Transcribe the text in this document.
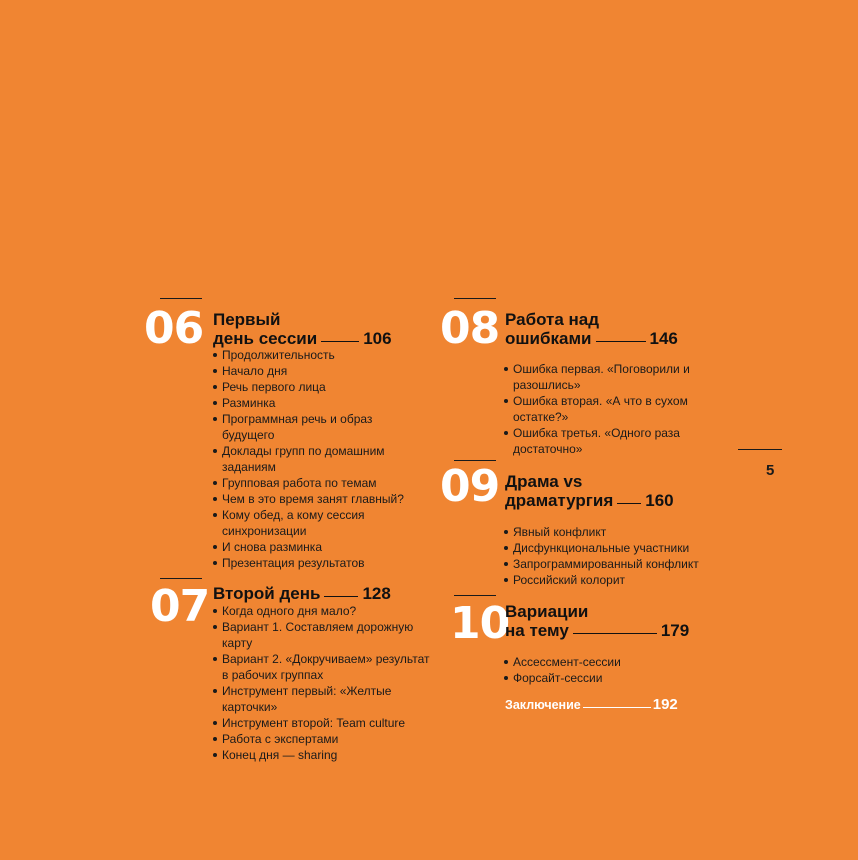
06 Первый
день сессии	106
Продолжительность
Начало дня
Речь первого лица
Разминка
Программная речь и образ
будущего
Доклады групп по домашним
заданиям
Групповая работа по темам
Чем в это время занят главный?
Кому обед, а кому сессия
синхронизации
И снова разминка
Презентация результатов
07 Второй день 128
Когда одного дня мало?
Вариант 1. Составляем дорожную
карту
Вариант 2. «Докручиваем» результат
в рабочих группах
Инструмент первый: «Желтые
карточки»
Инструмент второй: Team culture
Работа с экспертами
Конец дня — sharing
08 Работа над
ошибками	146
Ошибка первая. «Поговорили и
разошлись»
Ошибка вторая. «А что в сухом
остатке?»
Ошибка третья. «Одного раза
достаточно»
5
09 Драма vs
драматургия 160
Явный конфликт
Дисфункциональные участники
Запрограммированный конфликт
Российский колорит
10
Вариации
на тему	179
Ассессмент-сессии
Форсайт-сессии
Заключение	192
